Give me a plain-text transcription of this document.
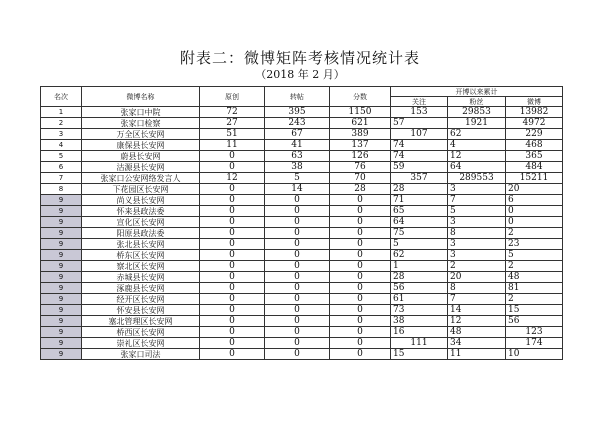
附表二：微博矩阵考核情况统计表
（2018 年 2 月）
名次	微博名称	原创	转帖	分数	开博以来累计		
					关注	粉丝	微博
1	张家口中院	72	395	1150	153	29853	13982
2	张家口检察	27	243	621	57	1921	4972
3	万全区长安网	51	67	389	107	62	229
4	康保县长安网	11	41	137	74	4	468
5	蔚县长安网	0	63	126	74	12	365
6	沽源县长安网	0	38	76	59	64	484
7	张家口公安网络发言人	12	5	70	357	289553	15211
8	下花园区长安网	0	14	28	28	3	20
9	尚义县长安网	0	0	0	71	7	6
9	怀来县政法委	0	0	0	65	5	0
9	宣化区长安网	0	0	0	64	3	0
9	阳原县政法委	0	0	0	75	8	2
9	张北县长安网	0	0	0	5	3	23
9	桥东区长安网	0	0	0	62	3	5
9	察北区长安网	0	0	0	1	2	2
9	赤城县长安网	0	0	0	28	20	48
9	涿鹿县长安网	0	0	0	56	8	81
9	经开区长安网	0	0	0	61	7	2
9	怀安县长安网	0	0	0	73	14	15
9	塞北管理区长安网	0	0	0	38	12	56
9	桥西区长安网	0	0	0	16	48	123
9	崇礼区长安网	0	0	0	111	34	174
9	张家口司法	0	0	0	15	11	10
